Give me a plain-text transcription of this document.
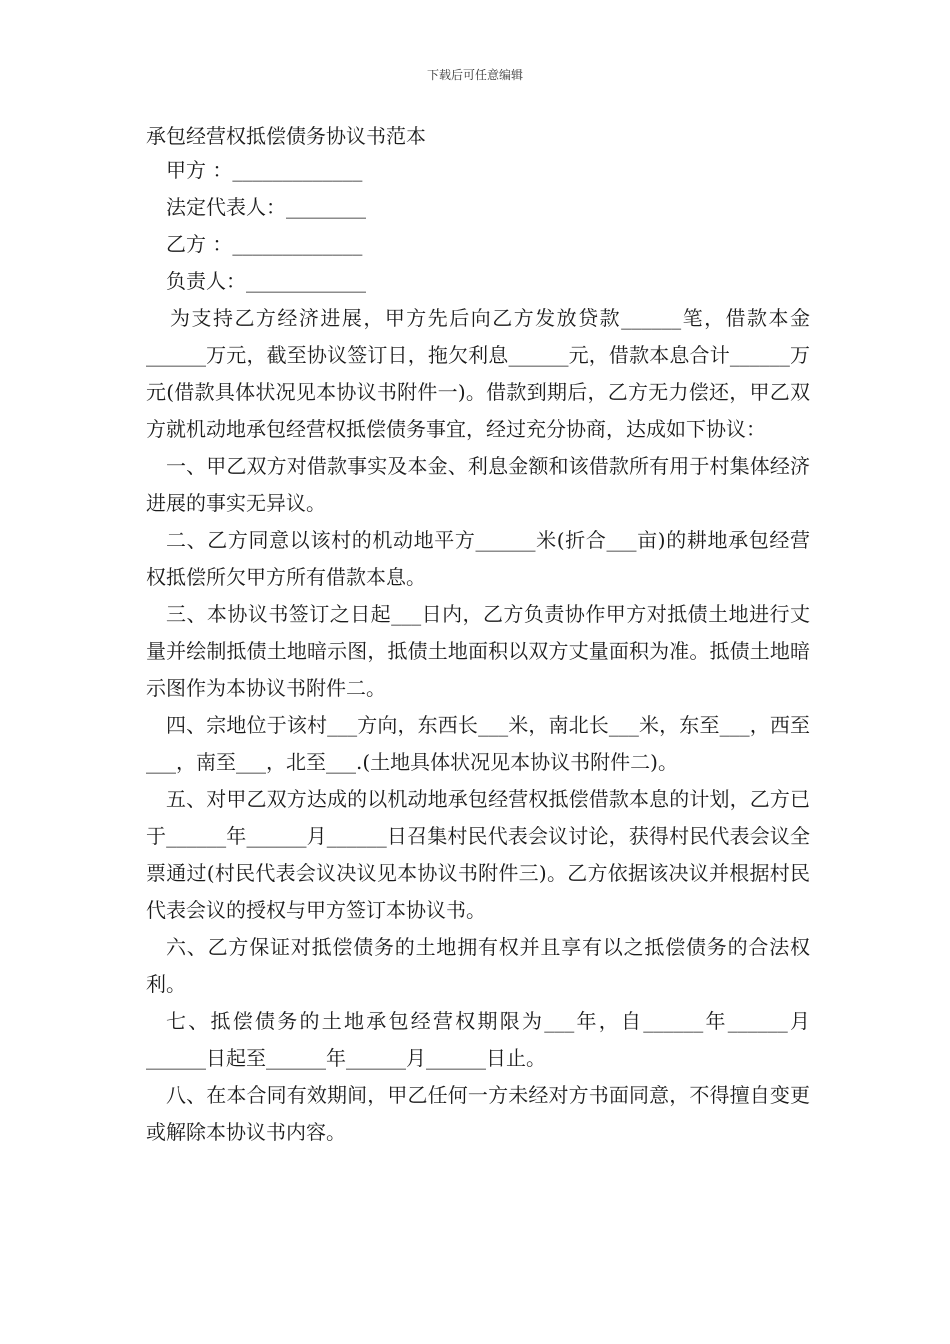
下载后可任意编辑

承包经营权抵偿债务协议书范本

甲方 ：_____________

法定代表人：________

乙方 ：_____________

负责人：____________

为支持乙方经济进展，甲方先后向乙方发放贷款______笔，借款本金______万元，截至协议签订日，拖欠利息______元，借款本息合计______万元(借款具体状况见本协议书附件一)。借款到期后，乙方无力偿还，甲乙双方就机动地承包经营权抵偿债务事宜，经过充分协商，达成如下协议：

一、甲乙双方对借款事实及本金、利息金额和该借款所有用于村集体经济进展的事实无异议。

二、乙方同意以该村的机动地平方______米(折合___亩)的耕地承包经营权抵偿所欠甲方所有借款本息。

三、本协议书签订之日起___日内，乙方负责协作甲方对抵债土地进行丈量并绘制抵债土地暗示图，抵债土地面积以双方丈量面积为准。抵债土地暗示图作为本协议书附件二。

四、宗地位于该村___方向，东西长___米，南北长___米，东至___，西至___，南至___，北至___.(土地具体状况见本协议书附件二)。

五、对甲乙双方达成的以机动地承包经营权抵偿借款本息的计划，乙方已于______年______月______日召集村民代表会议讨论，获得村民代表会议全票通过(村民代表会议决议见本协议书附件三)。乙方依据该决议并根据村民代表会议的授权与甲方签订本协议书。

六、乙方保证对抵偿债务的土地拥有权并且享有以之抵偿债务的合法权利。

七、抵偿债务的土地承包经营权期限为___年，自______年______月______日起至______年______月______日止。

八、在本合同有效期间，甲乙任何一方未经对方书面同意，不得擅自变更或解除本协议书内容。
